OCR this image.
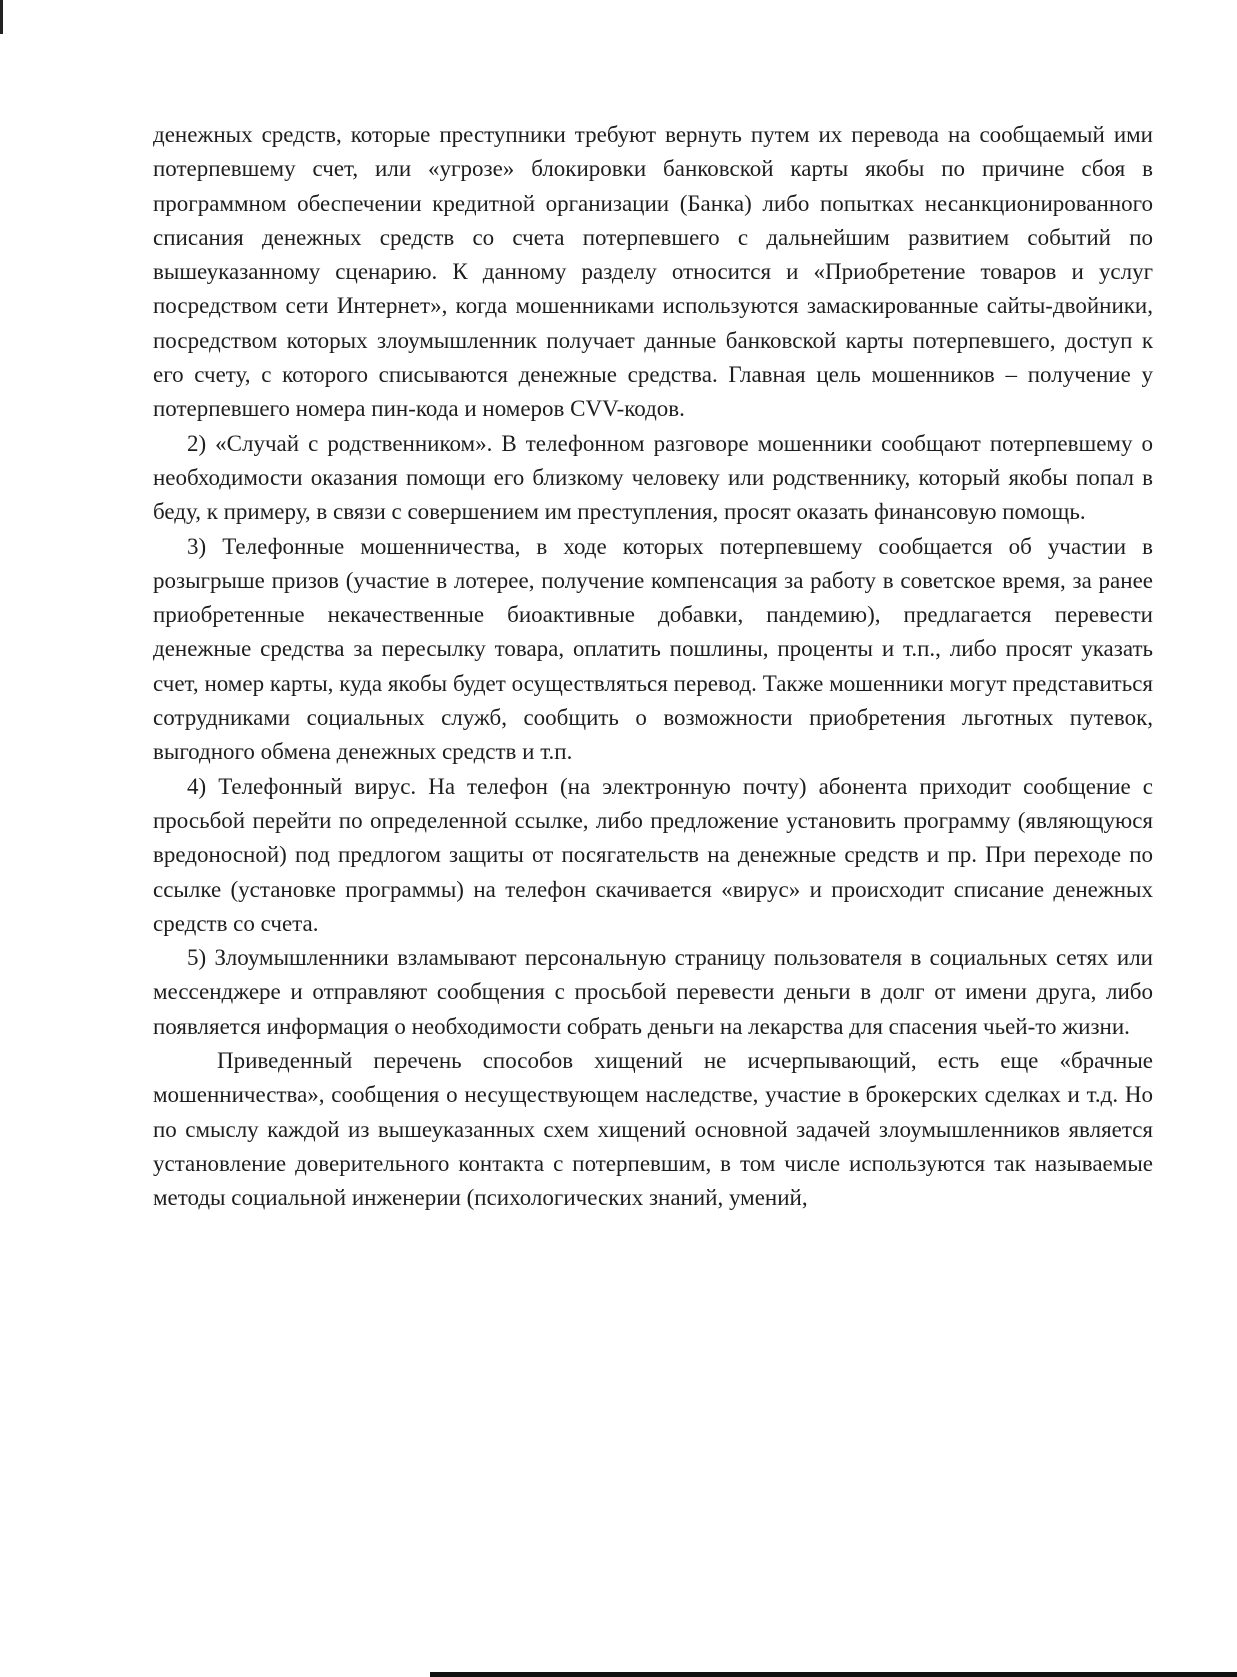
денежных средств, которые преступники требуют вернуть путем их перевода на сообщаемый ими потерпевшему счет, или «угрозе» блокировки банковской карты якобы по причине сбоя в программном обеспечении кредитной организации (Банка) либо попытках несанкционированного списания денежных средств со счета потерпевшего с дальнейшим развитием событий по вышеуказанному сценарию. К данному разделу относится и «Приобретение товаров и услуг посредством сети Интернет», когда мошенниками используются замаскированные сайты-двойники, посредством которых злоумышленник получает данные банковской карты потерпевшего, доступ к его счету, с которого списываются денежные средства. Главная цель мошенников – получение у потерпевшего номера пин-кода и номеров CVV-кодов.

2) «Случай с родственником». В телефонном разговоре мошенники сообщают потерпевшему о необходимости оказания помощи его близкому человеку или родственнику, который якобы попал в беду, к примеру, в связи с совершением им преступления, просят оказать финансовую помощь.

3) Телефонные мошенничества, в ходе которых потерпевшему сообщается об участии в розыгрыше призов (участие в лотерее, получение компенсация за работу в советское время, за ранее приобретенные некачественные биоактивные добавки, пандемию), предлагается перевести денежные средства за пересылку товара, оплатить пошлины, проценты и т.п., либо просят указать счет, номер карты, куда якобы будет осуществляться перевод. Также мошенники могут представиться сотрудниками социальных служб, сообщить о возможности приобретения льготных путевок, выгодного обмена денежных средств и т.п.

4) Телефонный вирус. На телефон (на электронную почту) абонента приходит сообщение с просьбой перейти по определенной ссылке, либо предложение установить программу (являющуюся вредоносной) под предлогом защиты от посягательств на денежные средств и пр. При переходе по ссылке (установке программы) на телефон скачивается «вирус» и происходит списание денежных средств со счета.

5) Злоумышленники взламывают персональную страницу пользователя в социальных сетях или мессенджере и отправляют сообщения с просьбой перевести деньги в долг от имени друга, либо появляется информация о необходимости собрать деньги на лекарства для спасения чьей-то жизни.

Приведенный перечень способов хищений не исчерпывающий, есть еще «брачные мошенничества», сообщения о несуществующем наследстве, участие в брокерских сделках и т.д. Но по смыслу каждой из вышеуказанных схем хищений основной задачей злоумышленников является установление доверительного контакта с потерпевшим, в том числе используются так называемые методы социальной инженерии (психологических знаний, умений,
